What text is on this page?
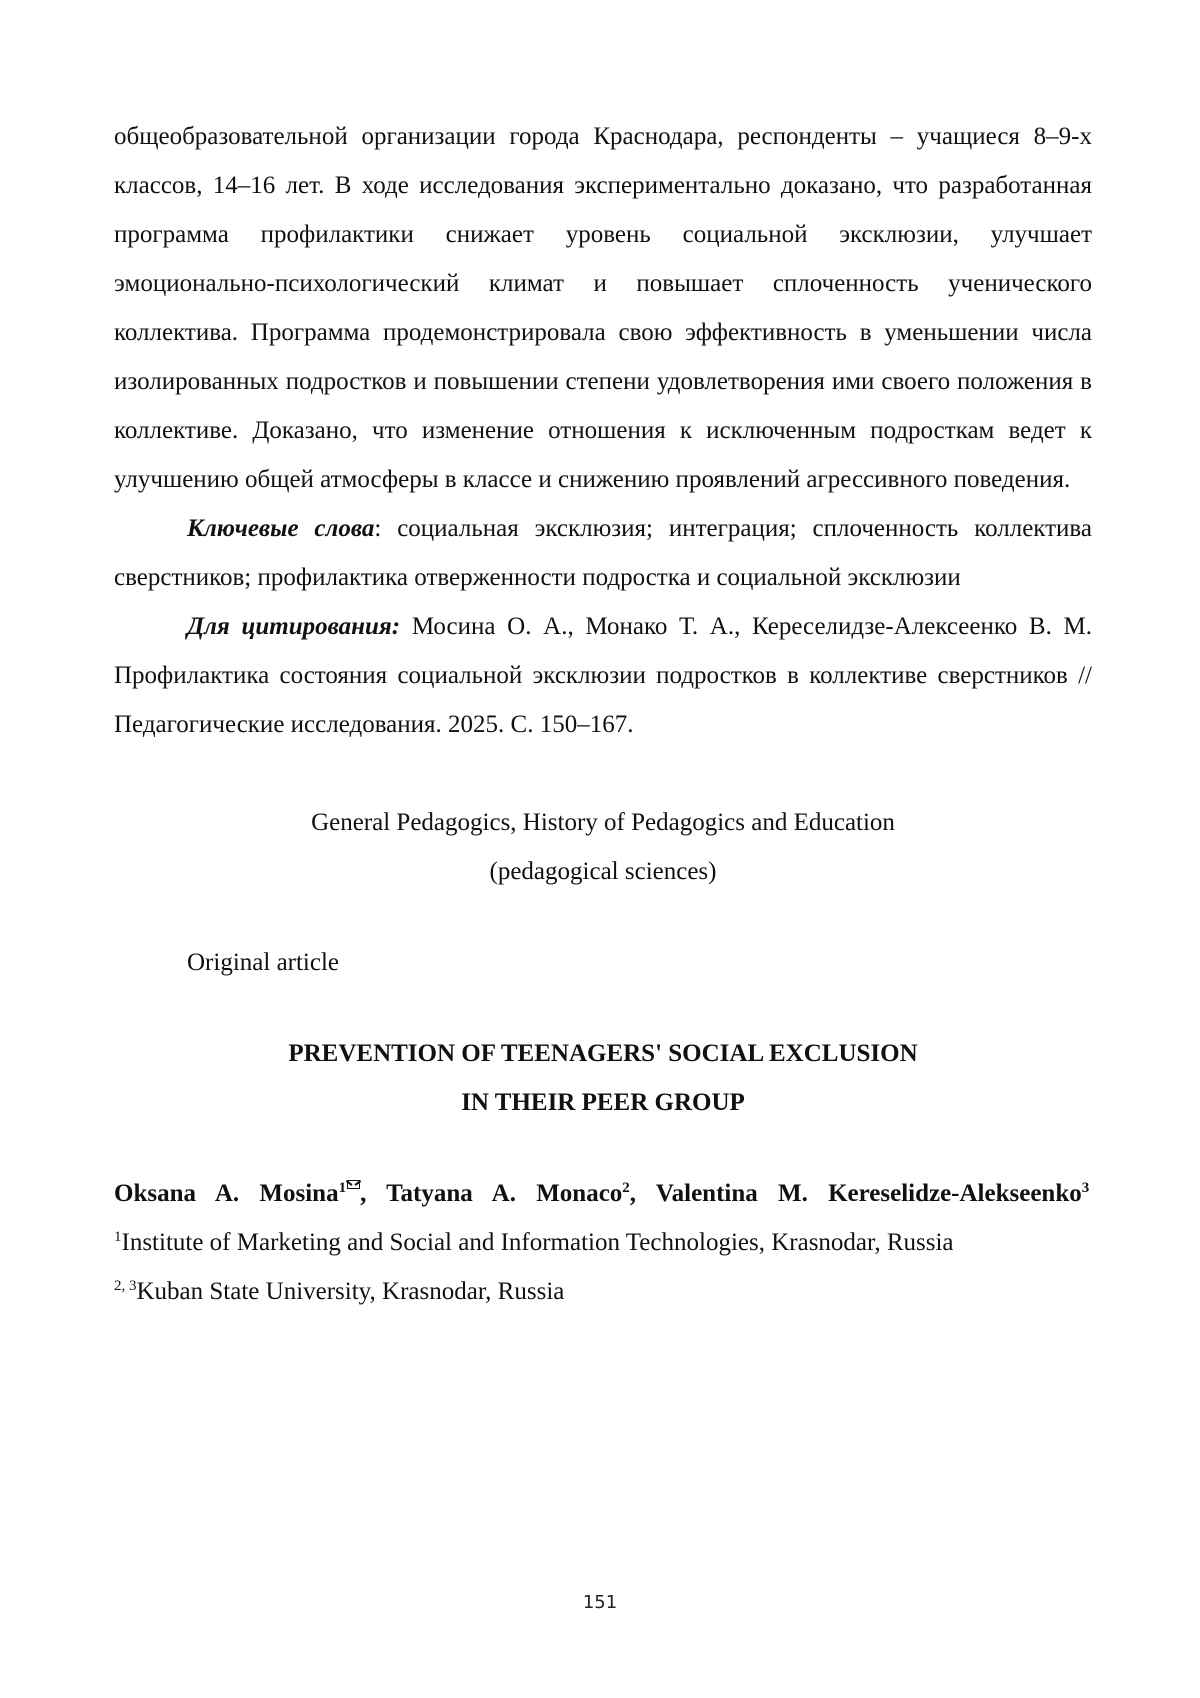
общеобразовательной организации города Краснодара, респонденты – учащиеся 8–9-х классов, 14–16 лет. В ходе исследования экспериментально доказано, что разработанная программа профилактики снижает уровень социальной эксклюзии, улучшает эмоционально-психологический климат и повышает сплоченность ученического коллектива. Программа продемонстрировала свою эффективность в уменьшении числа изолированных подростков и повышении степени удовлетворения ими своего положения в коллективе. Доказано, что изменение отношения к исключенным подросткам ведет к улучшению общей атмосферы в классе и снижению проявлений агрессивного поведения.

Ключевые слова: социальная эксклюзия; интеграция; сплоченность коллектива сверстников; профилактика отверженности подростка и социальной эксклюзии

Для цитирования: Мосина О. А., Монако Т. А., Кереселидзе-Алексеенко В. М. Профилактика состояния социальной эксклюзии подростков в коллективе сверстников // Педагогические исследования. 2025. С. 150–167.

General Pedagogics, History of Pedagogics and Education

(pedagogical sciences)

Original article

PREVENTION OF TEENAGERS' SOCIAL EXCLUSION

IN THEIR PEER GROUP

Oksana A. Mosina$^1$ , Tatyana A. Monaco$^2$, Valentina M. Kereselidze-Alekseenko$^3$

$^1$Institute of Marketing and Social and Information Technologies, Krasnodar, Russia

$^{2, 3}$Kuban State University, Krasnodar, Russia

151
